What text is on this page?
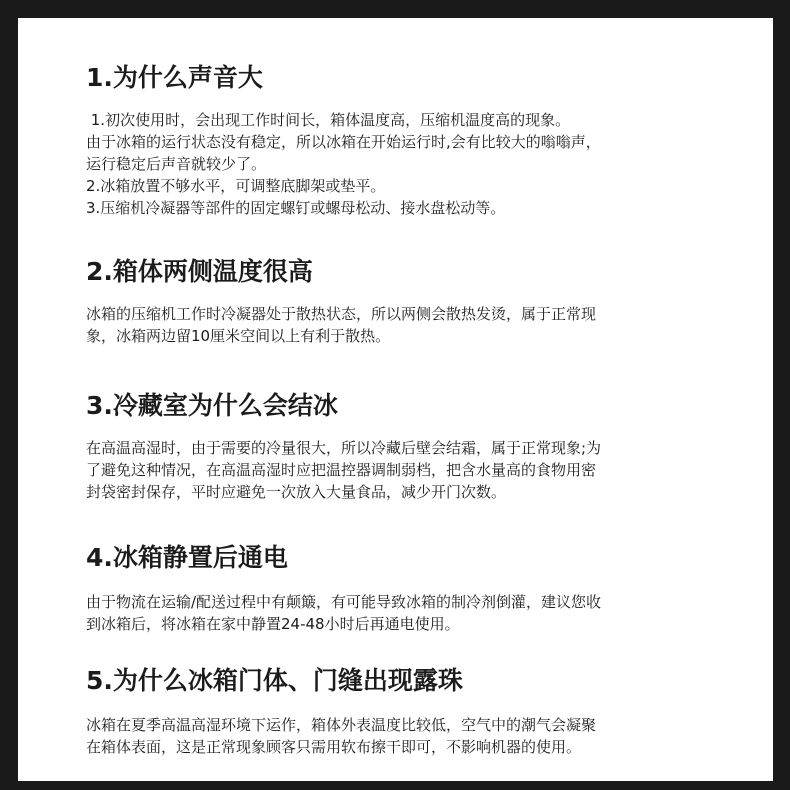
1.为什么声音大
1.初次使用时，会出现工作时间长，箱体温度高，压缩机温度高的现象。
由于冰箱的运行状态没有稳定，所以冰箱在开始运行时,会有比较大的嗡嗡声，
运行稳定后声音就较少了。
2.冰箱放置不够水平，可调整底脚架或垫平。
3.压缩机冷凝器等部件的固定螺钉或螺母松动、接水盘松动等。
2.箱体两侧温度很高
冰箱的压缩机工作时冷凝器处于散热状态，所以两侧会散热发烫，属于正常现
象，冰箱两边留10厘米空间以上有利于散热。
3.冷藏室为什么会结冰
在高温高湿时，由于需要的冷量很大，所以冷藏后壁会结霜，属于正常现象;为
了避免这种情况，在高温高湿时应把温控器调制弱档，把含水量高的食物用密
封袋密封保存，平时应避免一次放入大量食品，减少开门次数。
4.冰箱静置后通电
由于物流在运输/配送过程中有颠簸，有可能导致冰箱的制冷剂倒灌，建议您收
到冰箱后，将冰箱在家中静置24-48小时后再通电使用。
5.为什么冰箱门体、门缝出现露珠
冰箱在夏季高温高湿环境下运作，箱体外表温度比较低，空气中的潮气会凝聚
在箱体表面，这是正常现象顾客只需用软布擦干即可，不影响机器的使用。
